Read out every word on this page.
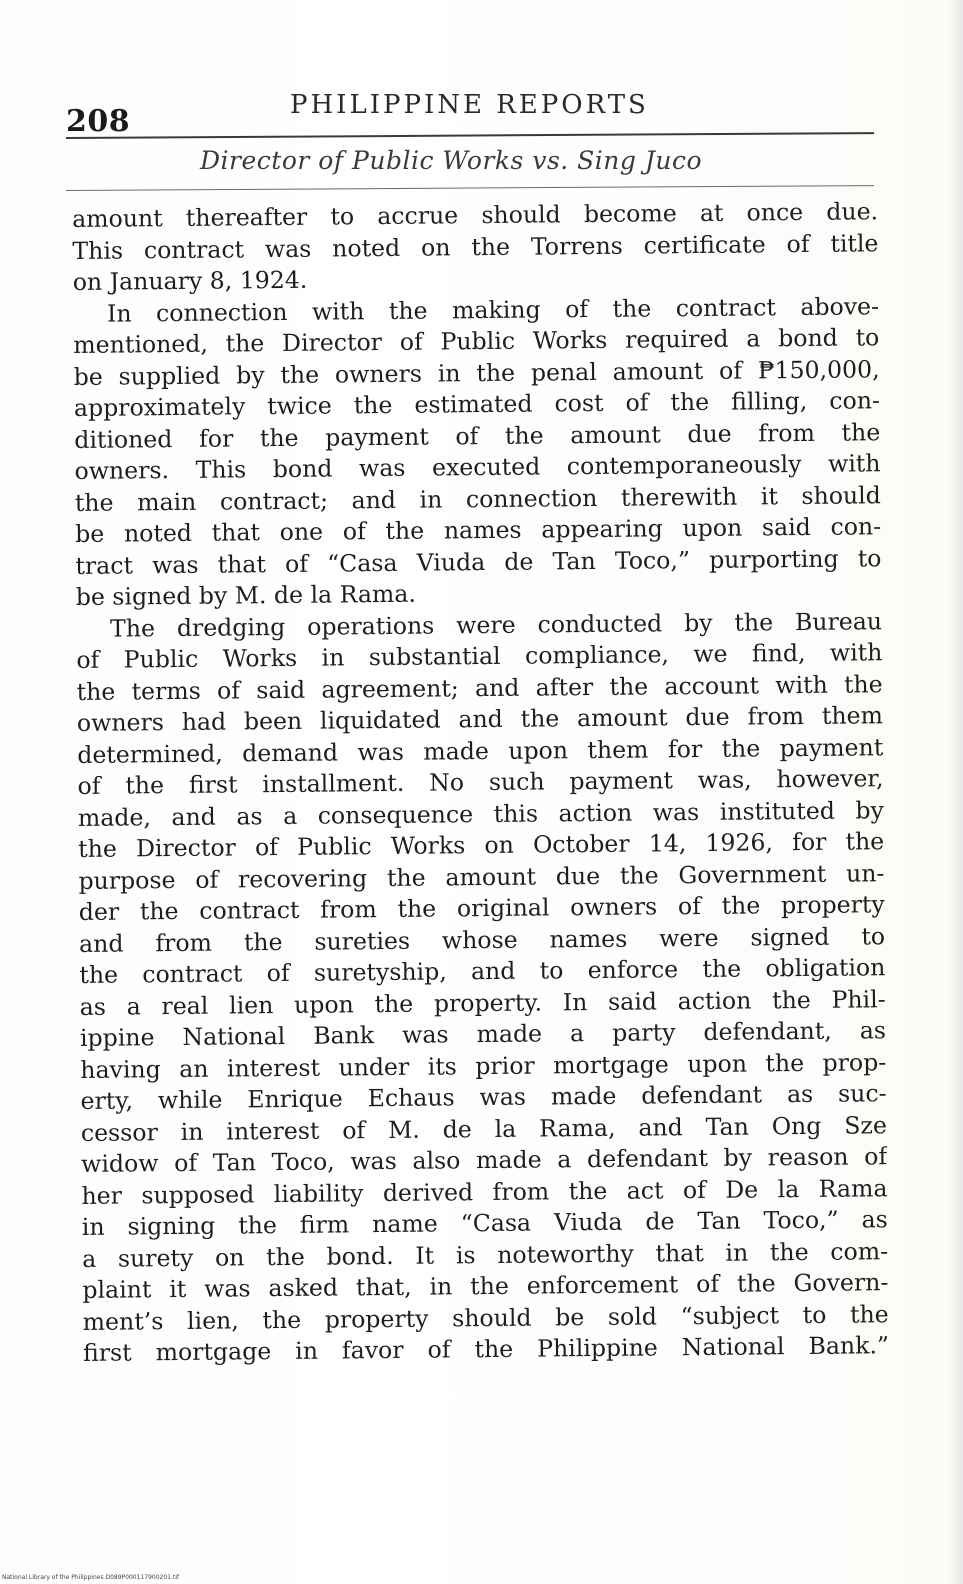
208	PHILIPPINE REPORTS
Director of Public Works vs. Sing Juco
amount thereafter to accrue should become at once due.
This contract was noted on the Torrens certificate of title
on January 8, 1924.
In connection with the making of the contract above-
mentioned, the Director of Public Works required a bond to
be supplied by the owners in the penal amount of ₱150,000,
approximately twice the estimated cost of the filling, con-
ditioned for the payment of the amount due from the
owners. This bond was executed contemporaneously with
the main contract; and in connection therewith it should
be noted that one of the names appearing upon said con-
tract was that of “Casa Viuda de Tan Toco,” purporting to
be signed by M. de la Rama.
The dredging operations were conducted by the Bureau
of Public Works in substantial compliance, we find, with
the terms of said agreement; and after the account with the
owners had been liquidated and the amount due from them
determined, demand was made upon them for the payment
of the first installment. No such payment was, however,
made, and as a consequence this action was instituted by
the Director of Public Works on October 14, 1926, for the
purpose of recovering the amount due the Government un-
der the contract from the original owners of the property
and from the sureties whose names were signed to
the contract of suretyship, and to enforce the obligation
as a real lien upon the property. In said action the Phil-
ippine National Bank was made a party defendant, as
having an interest under its prior mortgage upon the prop-
erty, while Enrique Echaus was made defendant as suc-
cessor in interest of M. de la Rama, and Tan Ong Sze
widow of Tan Toco, was also made a defendant by reason of
her supposed liability derived from the act of De la Rama
in signing the firm name “Casa Viuda de Tan Toco,” as
a surety on the bond. It is noteworthy that in the com-
plaint it was asked that, in the enforcement of the Govern-
ment’s lien, the property should be sold “subject to the
first mortgage in favor of the Philippine National Bank.”
National Library of the Philippines D089P000117900201.tif
